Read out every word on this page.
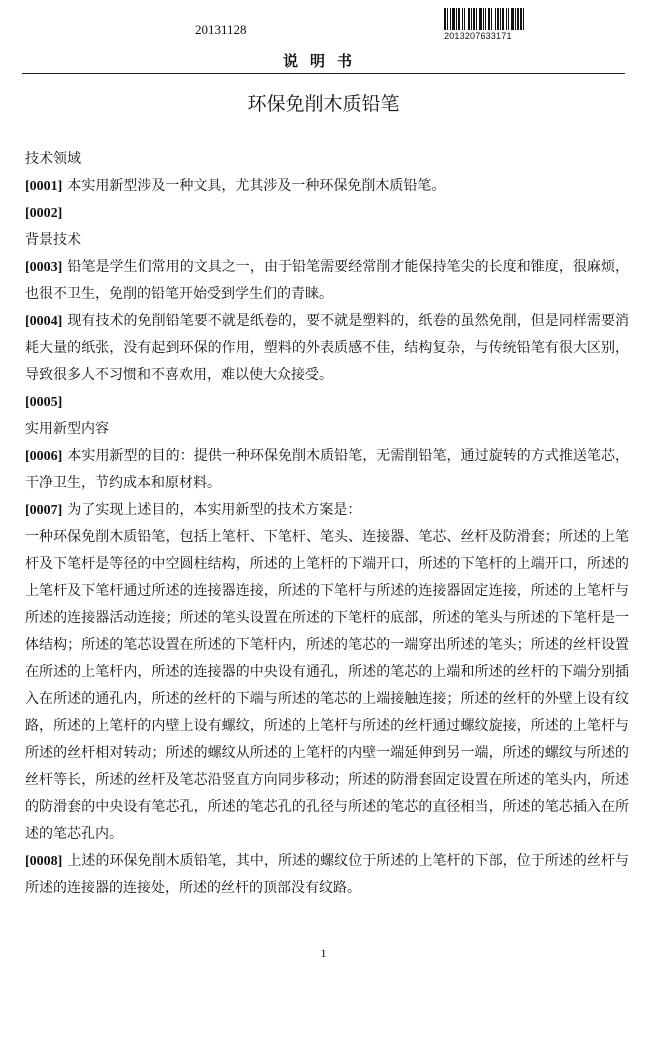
20131128	2013207633171
说明书
环保免削木质铅笔

技术领域

[0001] 本实用新型涉及一种文具，尤其涉及一种环保免削木质铅笔。

[0002]

背景技术

[0003] 铅笔是学生们常用的文具之一，由于铅笔需要经常削才能保持笔尖的长度和锥度，很麻烦，也很不卫生，免削的铅笔开始受到学生们的青睐。

[0004] 现有技术的免削铅笔要不就是纸卷的，要不就是塑料的，纸卷的虽然免削，但是同样需要消耗大量的纸张，没有起到环保的作用，塑料的外表质感不佳，结构复杂，与传统铅笔有很大区别，导致很多人不习惯和不喜欢用，难以使大众接受。

[0005]

实用新型内容

[0006] 本实用新型的目的：提供一种环保免削木质铅笔，无需削铅笔，通过旋转的方式推送笔芯，干净卫生，节约成本和原材料。

[0007] 为了实现上述目的，本实用新型的技术方案是：

一种环保免削木质铅笔，包括上笔杆、下笔杆、笔头、连接器、笔芯、丝杆及防滑套；所述的上笔杆及下笔杆是等径的中空圆柱结构，所述的上笔杆的下端开口，所述的下笔杆的上端开口，所述的上笔杆及下笔杆通过所述的连接器连接，所述的下笔杆与所述的连接器固定连接，所述的上笔杆与所述的连接器活动连接；所述的笔头设置在所述的下笔杆的底部，所述的笔头与所述的下笔杆是一体结构；所述的笔芯设置在所述的下笔杆内，所述的笔芯的一端穿出所述的笔头；所述的丝杆设置在所述的上笔杆内，所述的连接器的中央设有通孔，所述的笔芯的上端和所述的丝杆的下端分别插入在所述的通孔内，所述的丝杆的下端与所述的笔芯的上端接触连接；所述的丝杆的外壁上设有纹路，所述的上笔杆的内壁上设有螺纹，所述的上笔杆与所述的丝杆通过螺纹旋接，所述的上笔杆与所述的丝杆相对转动；所述的螺纹从所述的上笔杆的内壁一端延伸到另一端，所述的螺纹与所述的丝杆等长，所述的丝杆及笔芯沿竖直方向同步移动；所述的防滑套固定设置在所述的笔头内，所述的防滑套的中央设有笔芯孔，所述的笔芯孔的孔径与所述的笔芯的直径相当，所述的笔芯插入在所述的笔芯孔内。

[0008] 上述的环保免削木质铅笔，其中，所述的螺纹位于所述的上笔杆的下部，位于所述的丝杆与所述的连接器的连接处，所述的丝杆的顶部没有纹路。

1
